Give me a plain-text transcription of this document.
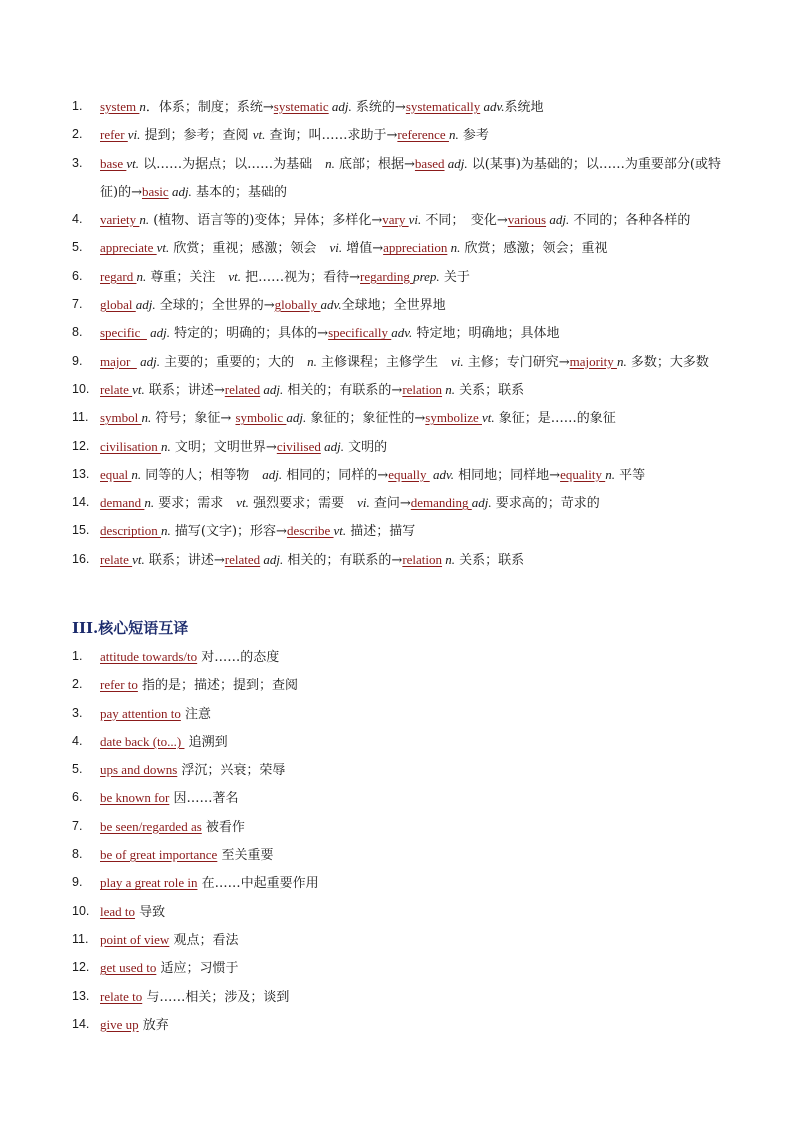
1. system n．体系；制度；系统→systematic adj. 系统的→systematically adv.系统地
2. refer vi. 提到；参考；查阅 vt. 查询；叫……求助于→reference n. 参考
3. base vt. 以……为据点；以……为基础　n. 底部；根据→based adj. 以(某事)为基础的；以……为重要部分(或特征)的→basic adj. 基本的；基础的
4. variety n. (植物、语言等的)变体；异体；多样化→vary vi. 不同；　变化→various adj. 不同的；各种各样的
5. appreciate vt. 欣赏；重视；感激；领会　vi. 增值→appreciation n. 欣赏；感激；领会；重视
6. regard n. 尊重；关注　vt. 把……视为；看待→regarding prep. 关于
7. global adj. 全球的；全世界的→globally adv.全球地；全世界地
8. specific   adj. 特定的；明确的；具体的→specifically adv. 特定地；明确地；具体地
9. major   adj. 主要的；重要的；大的　n. 主修课程；主修学生　vi. 主修；专门研究→majority n. 多数；大多数
10. relate vt. 联系；讲述→related adj. 相关的；有联系的→relation n. 关系；联系
11. symbol n. 符号；象征→ symbolic adj. 象征的；象征性的→symbolize vt. 象征；是……的象征
12. civilisation n. 文明；文明世界→civilised adj. 文明的
13. equal n. 同等的人；相等物　adj. 相同的；同样的→equally  adv. 相同地；同样地→equality n. 平等
14. demand n. 要求；需求　vt. 强烈要求；需要　vi. 查问→demanding adj. 要求高的；苛求的
15. description n. 描写(文字)；形容→describe vt. 描述；描写
16. relate vt. 联系；讲述→related adj. 相关的；有联系的→relation n. 关系；联系
III.核心短语互译
1. attitude towards/to 对……的态度
2. refer to 指的是；描述；提到；查阅
3. pay attention to 注意
4. date back (to...)  追溯到
5. ups and downs 浮沉；兴衰；荣辱
6. be known for 因……著名
7. be seen/regarded as 被看作
8. be of great importance 至关重要
9. play a great role in 在……中起重要作用
10. lead to 导致
11. point of view 观点；看法
12. get used to 适应；习惯于
13. relate to 与……相关；涉及；谈到
14. give up 放弃
